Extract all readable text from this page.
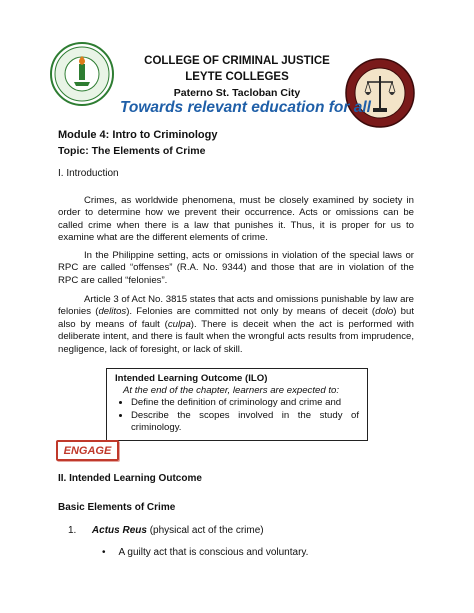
COLLEGE OF CRIMINAL JUSTICE
LEYTE COLLEGES
Paterno St. Tacloban City
Towards relevant education for all
Module 4: Intro to Criminology
Topic: The Elements of Crime
I. Introduction
Crimes, as worldwide phenomena, must be closely examined by society in order to determine how we prevent their occurrence. Acts or omissions can be called crime when there is a law that punishes it. Thus, it is proper for us to examine what are the different elements of crime.
In the Philippine setting, acts or omissions in violation of the special laws or RPC are called “offenses” (R.A. No. 9344) and those that are in violation of the RPC are called “felonies”.
Article 3 of Act No. 3815 states that acts and omissions punishable by law are felonies (delitos). Felonies are committed not only by means of deceit (dolo) but also by means of fault (culpa). There is deceit when the act is performed with deliberate intent, and there is fault when the wrongful acts results from imprudence, negligence, lack of foresight, or lack of skill.
Intended Learning Outcome (ILO)
At the end of the chapter, learners are expected to:
• Define the definition of criminology and crime and
• Describe the scopes involved in the study of criminology.
ENGAGE
II. Intended Learning Outcome
Basic Elements of Crime
1. Actus Reus (physical act of the crime)
• A guilty act that is conscious and voluntary.
